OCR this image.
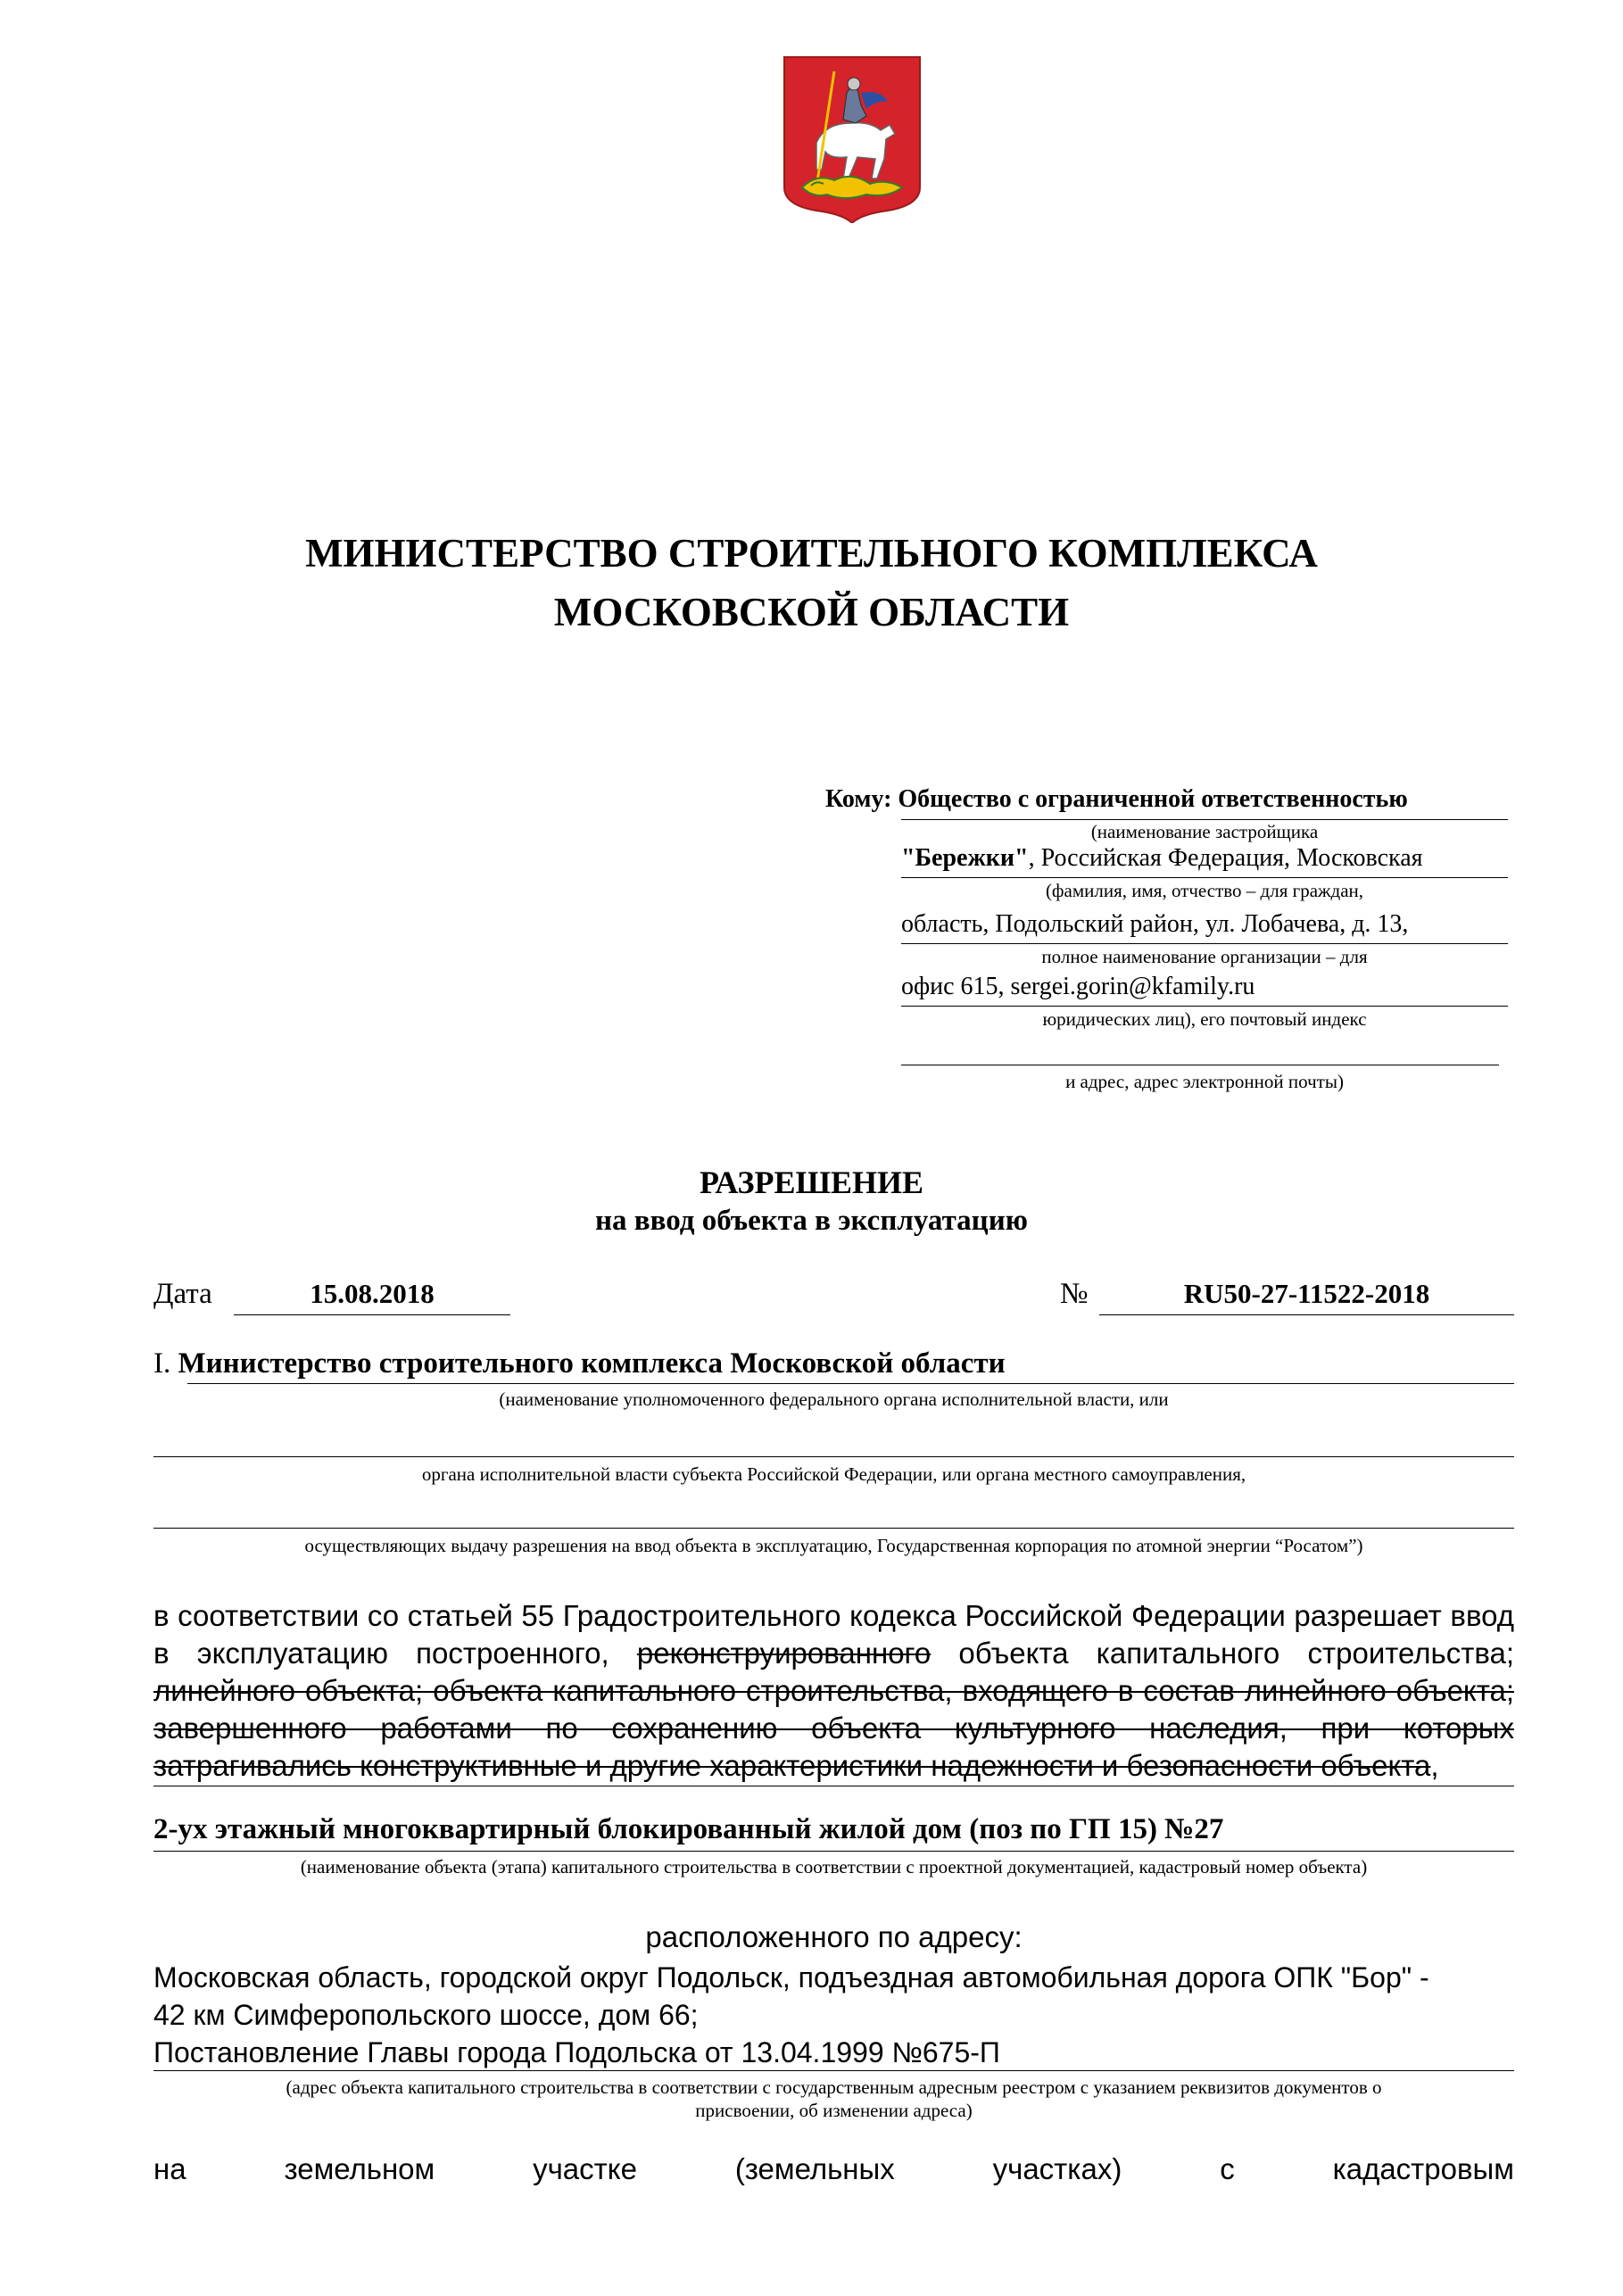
МИНИСТЕРСТВО СТРОИТЕЛЬНОГО КОМПЛЕКСА
МОСКОВСКОЙ ОБЛАСТИ
Кому: Общество с ограниченной ответственностью
(наименование застройщика
"Бережки", Российская Федерация, Московская
(фамилия, имя, отчество – для граждан,
область, Подольский район, ул. Лобачева, д. 13,
полное наименование организации – для
офис 615, sergei.gorin@kfamily.ru
юридических лиц), его почтовый индекс
и адрес, адрес электронной почты)
РАЗРЕШЕНИЕ
на ввод объекта в эксплуатацию
Дата	15.08.2018	№	RU50-27-11522-2018
I. Министерство строительного комплекса Московской области
(наименование уполномоченного федерального органа исполнительной власти, или
органа исполнительной власти субъекта Российской Федерации, или органа местного самоуправления,
осуществляющих выдачу разрешения на ввод объекта в эксплуатацию, Государственная корпорация по атомной энергии “Росатом”)
в соответствии со статьей 55 Градостроительного кодекса Российской Федерации разрешает ввод в эксплуатацию построенного, реконструированного объекта капитального строительства; линейного объекта; объекта капитального строительства, входящего в состав линейного объекта; завершенного работами по сохранению объекта культурного наследия, при которых затрагивались конструктивные и другие характеристики надежности и безопасности объекта,
2-ух этажный многоквартирный блокированный жилой дом (поз по ГП 15) №27
(наименование объекта (этапа) капитального строительства в соответствии с проектной документацией, кадастровый номер объекта)
расположенного по адресу:
Московская область, городской округ Подольск, подъездная автомобильная дорога ОПК "Бор" -
42 км Симферопольского шоссе, дом 66;
Постановление Главы города Подольска от 13.04.1999 №675-П
(адрес объекта капитального строительства в соответствии с государственным адресным реестром с указанием реквизитов документов о
присвоении, об изменении адреса)
на	земельном	участке	(земельных	участках)	с	кадастровым
